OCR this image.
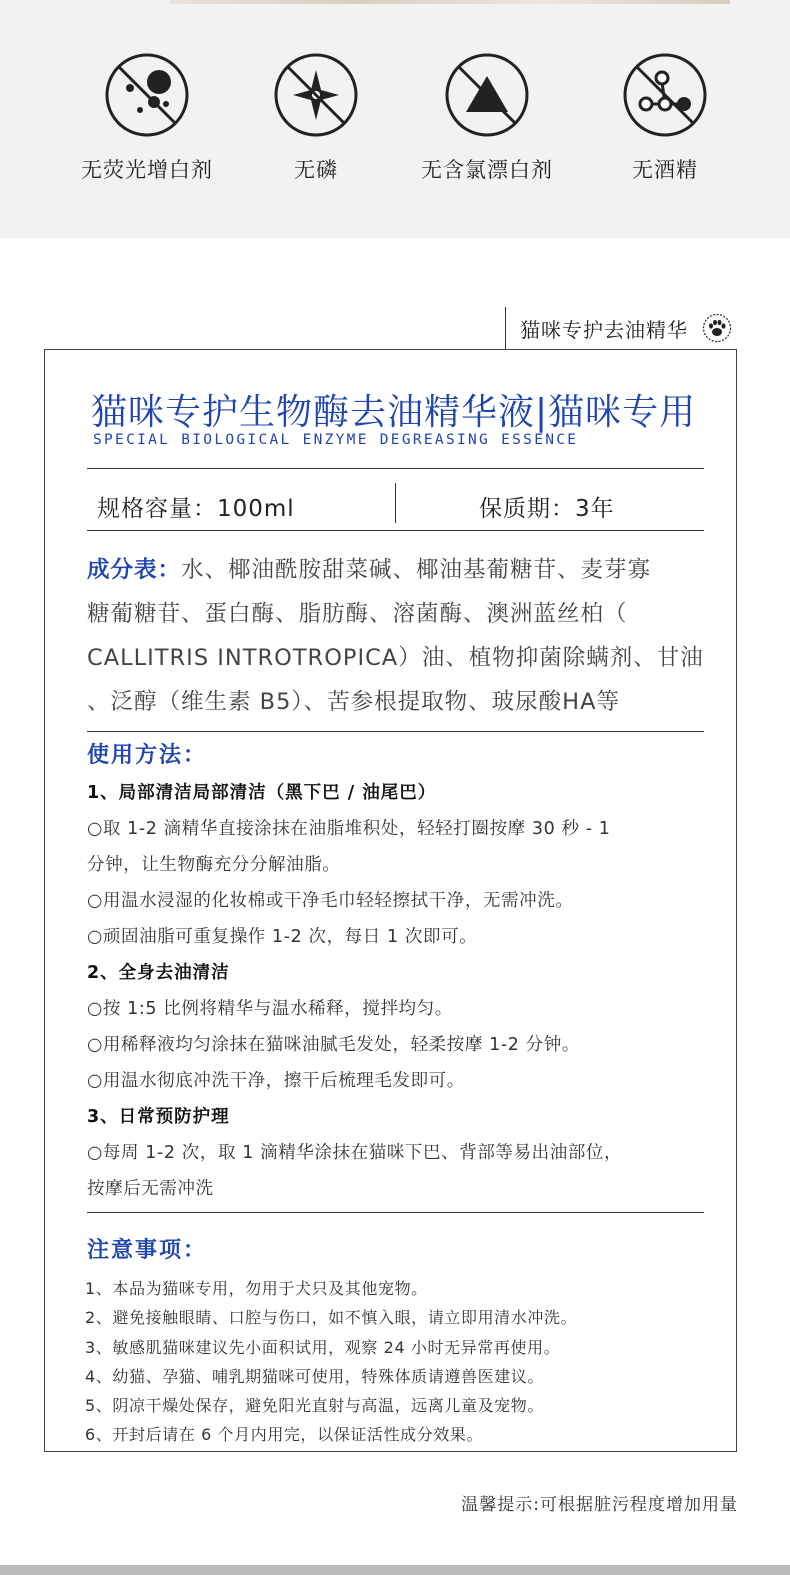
无荧光增白剂	无磷	无含氯漂白剂	无酒精
猫咪专护去油精华
猫咪专护生物酶去油精华液|猫咪专用
SPECIAL BIOLOGICAL ENZYME DEGREASING ESSENCE
规格容量：100ml	保质期：3年
成分表：水、椰油酰胺甜菜碱、椰油基葡糖苷、麦芽寡
糖葡糖苷、蛋白酶、脂肪酶、溶菌酶、澳洲蓝丝柏（
CALLITRIS INTROTROPICA）油、植物抑菌除螨剂、甘油
、泛醇（维生素 B5）、苦参根提取物、玻尿酸HA等
使用方法：
1、局部清洁局部清洁（黑下巴 / 油尾巴）
○取 1-2 滴精华直接涂抹在油脂堆积处，轻轻打圈按摩 30 秒 - 1
分钟，让生物酶充分分解油脂。
○用温水浸湿的化妆棉或干净毛巾轻轻擦拭干净，无需冲洗。
○顽固油脂可重复操作 1-2 次，每日 1 次即可。
2、全身去油清洁
○按 1:5 比例将精华与温水稀释，搅拌均匀。
○用稀释液均匀涂抹在猫咪油腻毛发处，轻柔按摩 1-2 分钟。
○用温水彻底冲洗干净，擦干后梳理毛发即可。
3、日常预防护理
○每周 1-2 次，取 1 滴精华涂抹在猫咪下巴、背部等易出油部位，
按摩后无需冲洗
注意事项：
1、本品为猫咪专用，勿用于犬只及其他宠物。
2、避免接触眼睛、口腔与伤口，如不慎入眼，请立即用清水冲洗。
3、敏感肌猫咪建议先小面积试用，观察 24 小时无异常再使用。
4、幼猫、孕猫、哺乳期猫咪可使用，特殊体质请遵兽医建议。
5、阴凉干燥处保存，避免阳光直射与高温，远离儿童及宠物。
6、开封后请在 6 个月内用完，以保证活性成分效果。
温馨提示:可根据脏污程度增加用量
